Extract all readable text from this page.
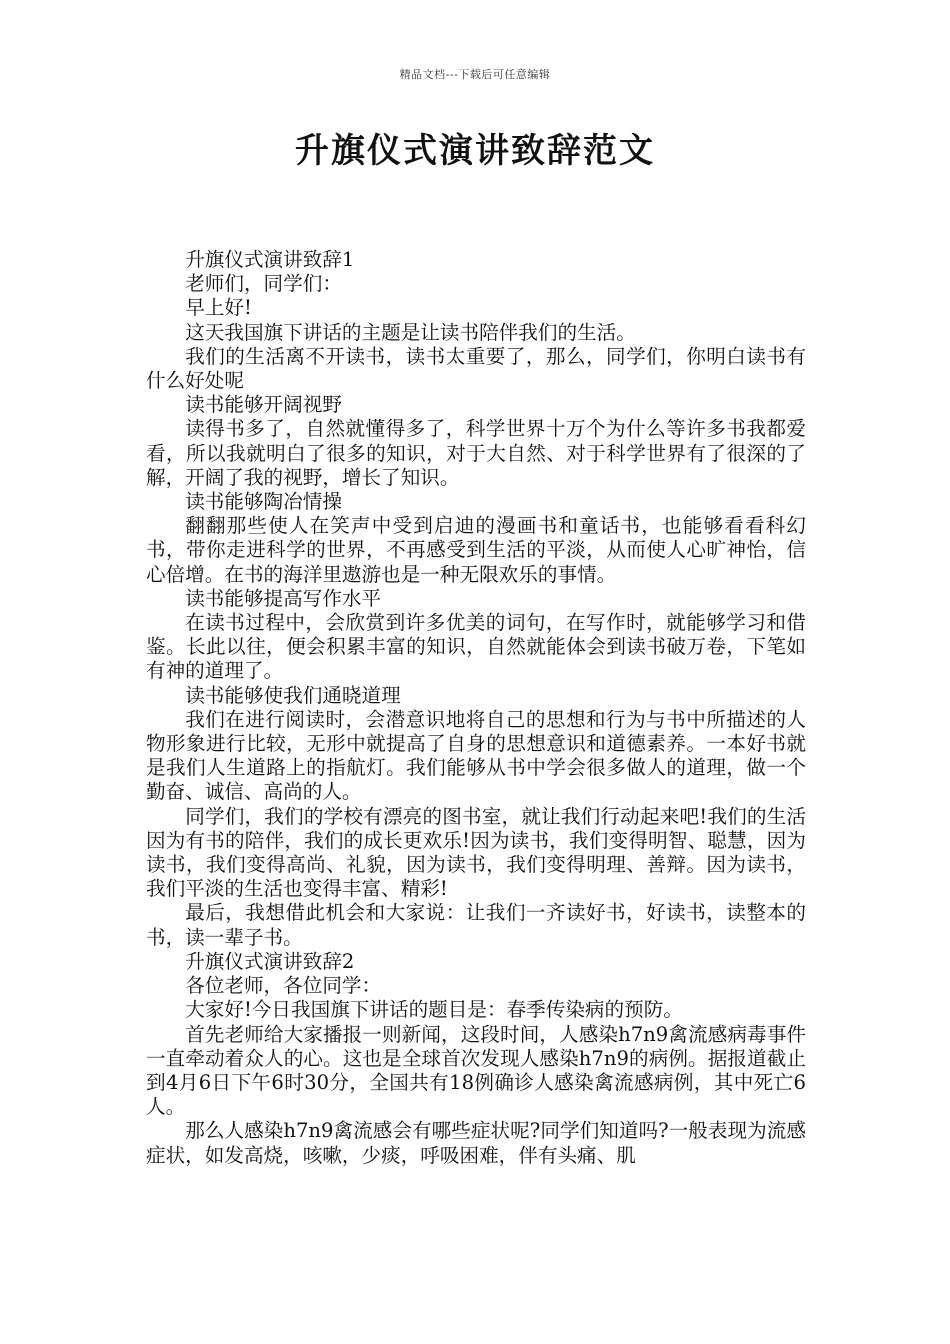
精品文档---下载后可任意编辑
升旗仪式演讲致辞范文

升旗仪式演讲致辞1

老师们，同学们：

早上好!

这天我国旗下讲话的主题是让读书陪伴我们的生活。

我们的生活离不开读书，读书太重要了，那么，同学们，你明白读书有什么好处呢

读书能够开阔视野

读得书多了，自然就懂得多了，科学世界十万个为什么等许多书我都爱看，所以我就明白了很多的知识，对于大自然、对于科学世界有了很深的了解，开阔了我的视野，增长了知识。

读书能够陶冶情操

翻翻那些使人在笑声中受到启迪的漫画书和童话书，也能够看看科幻书，带你走进科学的世界，不再感受到生活的平淡，从而使人心旷神怡，信心倍增。在书的海洋里遨游也是一种无限欢乐的事情。

读书能够提高写作水平

在读书过程中，会欣赏到许多优美的词句，在写作时，就能够学习和借鉴。长此以往，便会积累丰富的知识，自然就能体会到读书破万卷，下笔如有神的道理了。

读书能够使我们通晓道理

我们在进行阅读时，会潜意识地将自己的思想和行为与书中所描述的人物形象进行比较，无形中就提高了自身的思想意识和道德素养。一本好书就是我们人生道路上的指航灯。我们能够从书中学会很多做人的道理，做一个勤奋、诚信、高尚的人。

同学们，我们的学校有漂亮的图书室，就让我们行动起来吧!我们的生活因为有书的陪伴，我们的成长更欢乐!因为读书，我们变得明智、聪慧，因为读书，我们变得高尚、礼貌，因为读书，我们变得明理、善辩。因为读书，我们平淡的生活也变得丰富、精彩!

最后，我想借此机会和大家说：让我们一齐读好书，好读书，读整本的书，读一辈子书。

升旗仪式演讲致辞2

各位老师，各位同学：

大家好!今日我国旗下讲话的题目是：春季传染病的预防。

首先老师给大家播报一则新闻，这段时间，人感染h7n9禽流感病毒事件一直牵动着众人的心。这也是全球首次发现人感染h7n9的病例。据报道截止到4月6日下午6时30分，全国共有18例确诊人感染禽流感病例，其中死亡6人。

那么人感染h7n9禽流感会有哪些症状呢?同学们知道吗?一般表现为流感症状，如发高烧，咳嗽，少痰，呼吸困难，伴有头痛、肌
